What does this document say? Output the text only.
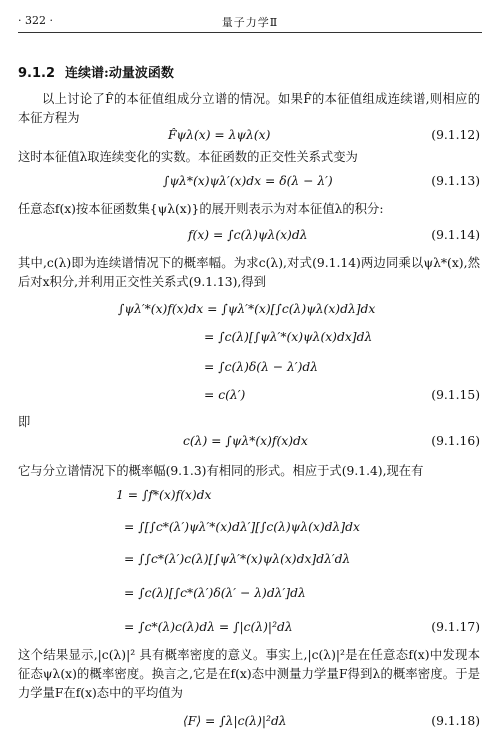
· 322 ·	量子力学Ⅱ
9.1.2 连续谱:动量波函数
以上讨论了F̂的本征值组成分立谱的情况。如果F̂的本征值组成连续谱,则相应的本征方程为
F̂ψλ(x) = λψλ(x)	(9.1.12)
这时本征值λ取连续变化的实数。本征函数的正交性关系式变为
∫ψλ*(x)ψλ′(x)dx = δ(λ − λ′)	(9.1.13)
任意态f(x)按本征函数集{ψλ(x)}的展开则表示为对本征值λ的积分:
f(x) = ∫c(λ)ψλ(x)dλ	(9.1.14)
其中,c(λ)即为连续谱情况下的概率幅。为求c(λ),对式(9.1.14)两边同乘以ψλ*(x),然后对x积分,并利用正交性关系式(9.1.13),得到
∫ψλ′*(x)f(x)dx = ∫ψλ′*(x)[∫c(λ)ψλ(x)dλ]dx
= ∫c(λ)[∫ψλ′*(x)ψλ(x)dx]dλ
= ∫c(λ)δ(λ − λ′)dλ
= c(λ′)	(9.1.15)
即
c(λ) = ∫ψλ*(x)f(x)dx	(9.1.16)
它与分立谱情况下的概率幅(9.1.3)有相同的形式。相应于式(9.1.4),现在有
1 = ∫f*(x)f(x)dx
= ∫[∫c*(λ′)ψλ′*(x)dλ′][∫c(λ)ψλ(x)dλ]dx
= ∫∫c*(λ′)c(λ)[∫ψλ′*(x)ψλ(x)dx]dλ′dλ
= ∫c(λ)[∫c*(λ′)δ(λ′ − λ)dλ′]dλ
= ∫c*(λ)c(λ)dλ = ∫|c(λ)|²dλ	(9.1.17)
这个结果显示,|c(λ)|² 具有概率密度的意义。事实上,|c(λ)|²是在任意态f(x)中发现本征态ψλ(x)的概率密度。换言之,它是在f(x)态中测量力学量F得到λ的概率密度。于是力学量F在f(x)态中的平均值为
⟨F⟩ = ∫λ|c(λ)|²dλ	(9.1.18)
